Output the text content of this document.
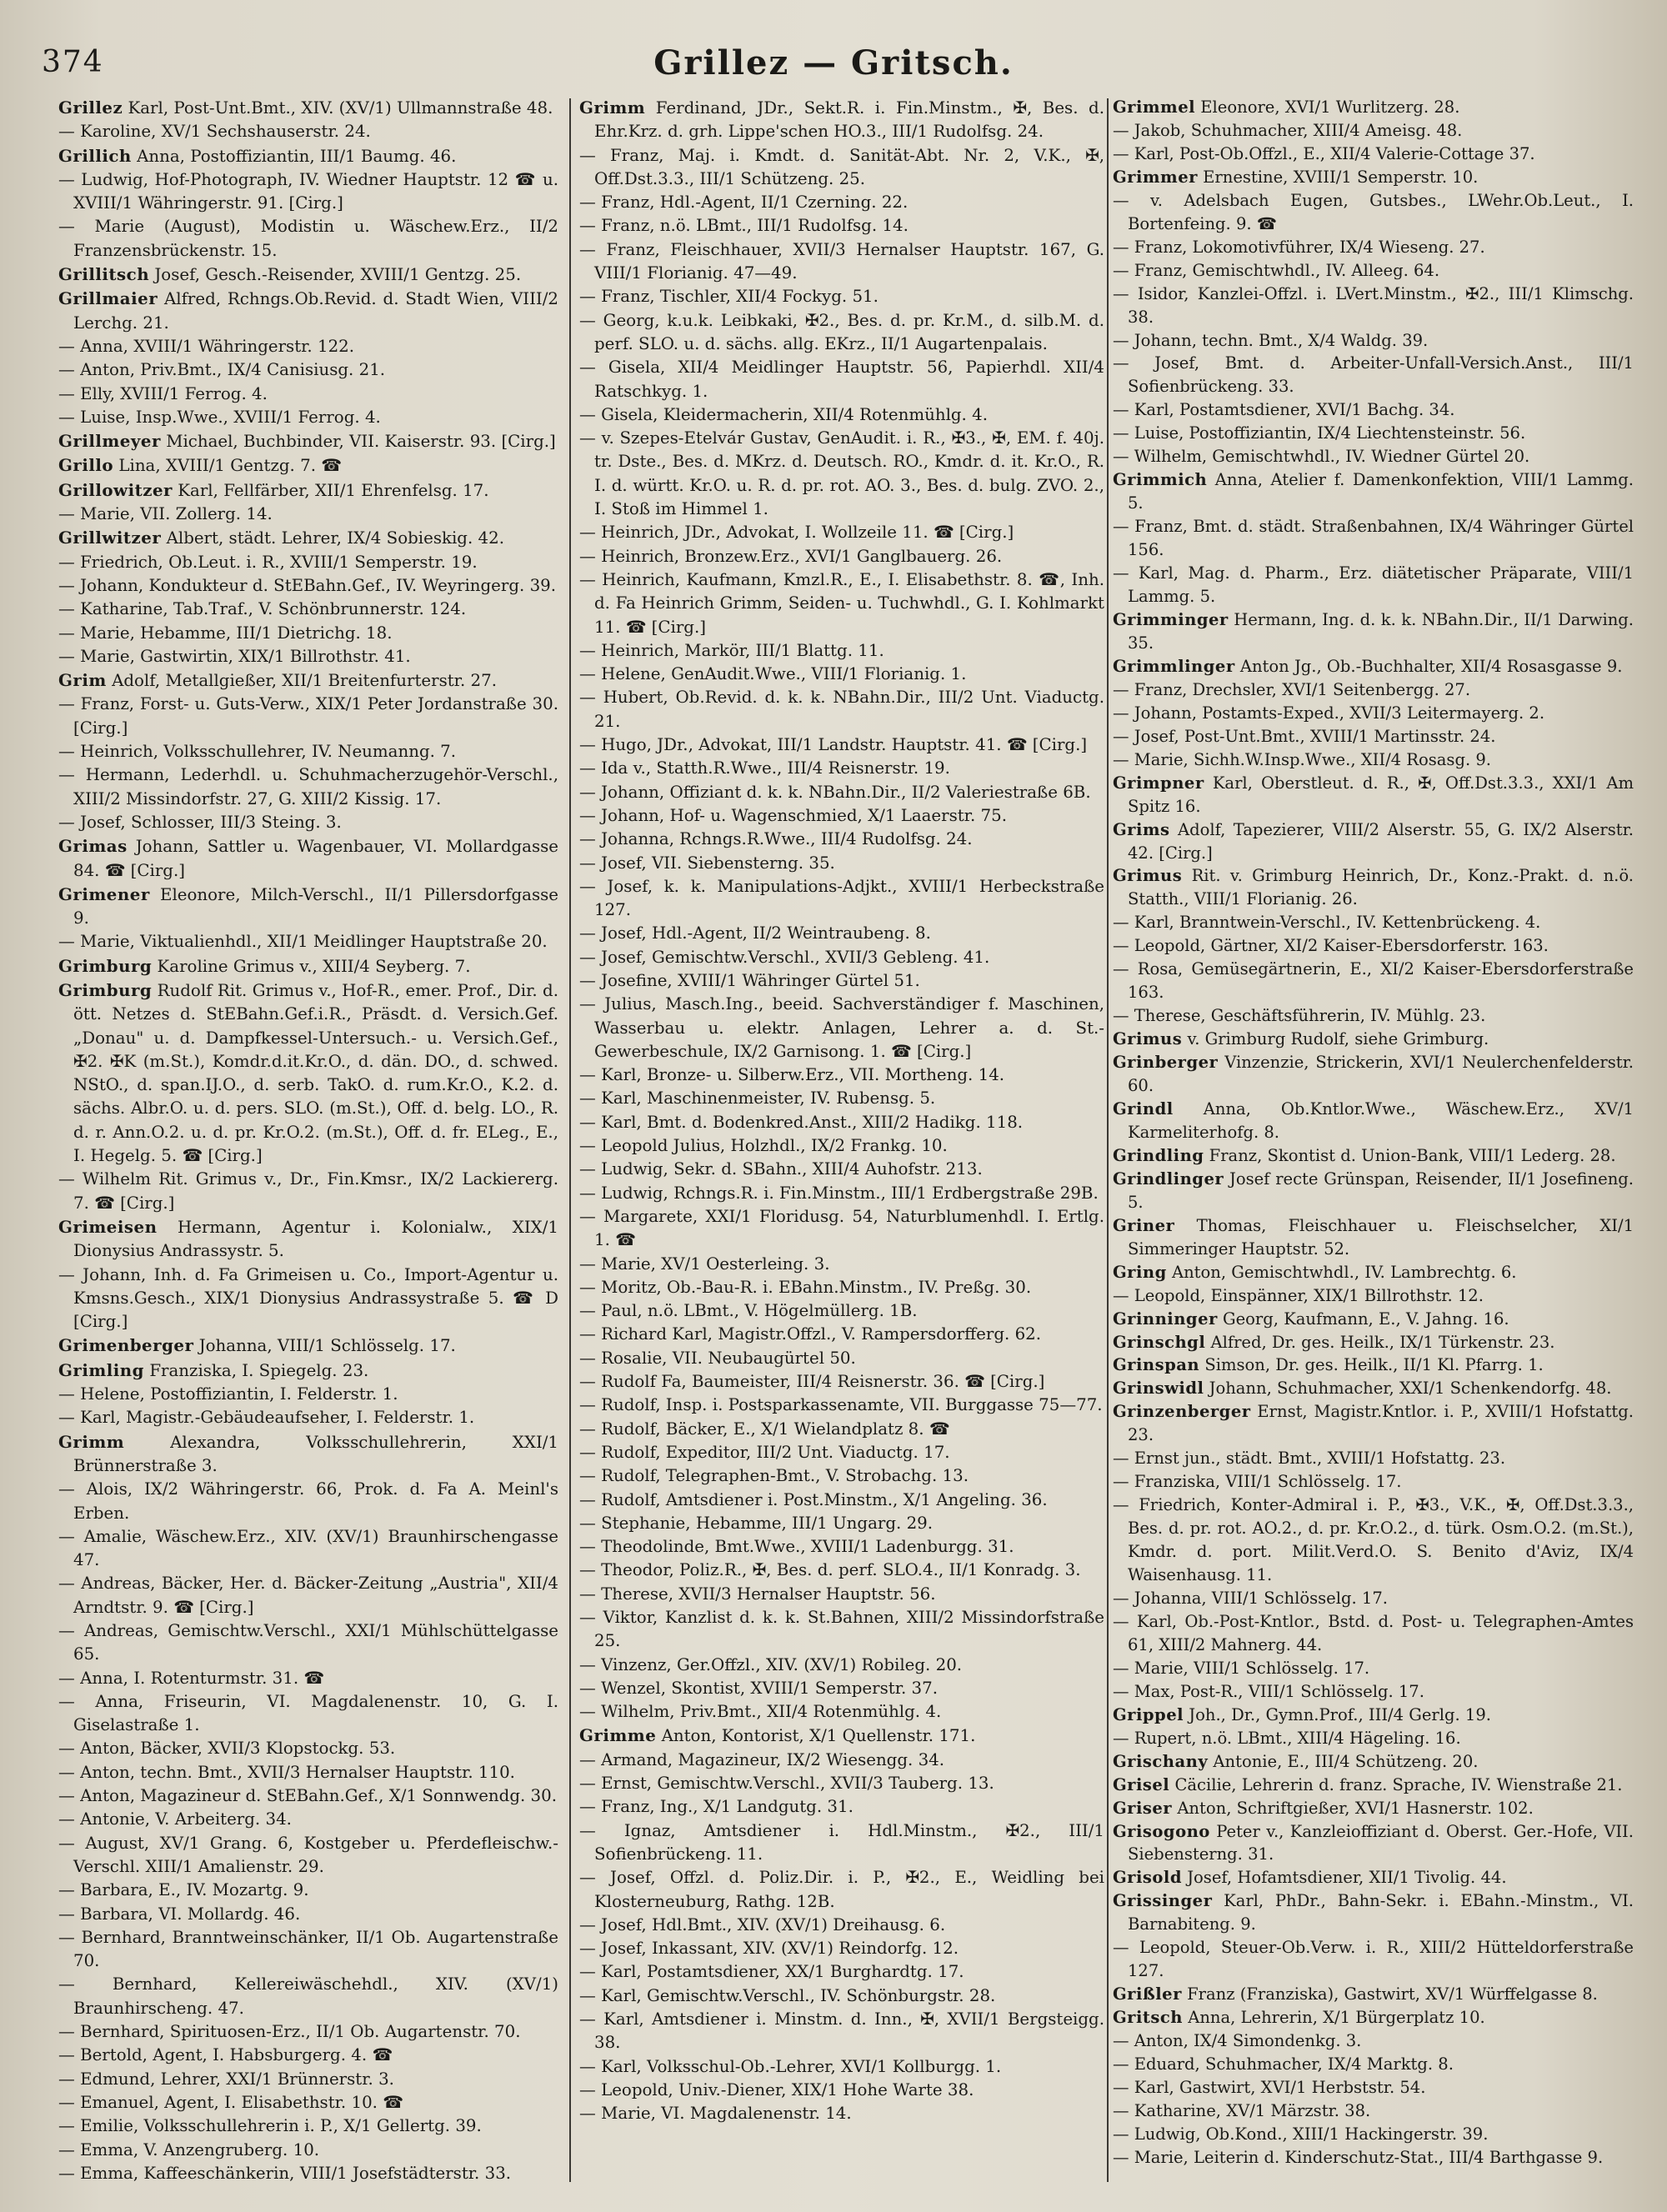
374	Grillez — Gritsch.

Grillez Karl, Post-Unt.Bmt., XIV. (XV/1) Ullmannstraße 48.

— Karoline, XV/1 Sechshauserstr. 24.

Grillich Anna, Postoffiziantin, III/1 Baumg. 46.

— Ludwig, Hof-Photograph, IV. Wiedner Hauptstr. 12 ☎ u. XVIII/1 Währingerstr. 91. [Cirg.]

— Marie (August), Modistin u. Wäschew.Erz., II/2 Franzensbrückenstr. 15.

Grillitsch Josef, Gesch.-Reisender, XVIII/1 Gentzg. 25.

Grillmaier Alfred, Rchngs.Ob.Revid. d. Stadt Wien, VIII/2 Lerchg. 21.

— Anna, XVIII/1 Währingerstr. 122.

— Anton, Priv.Bmt., IX/4 Canisiusg. 21.

— Elly, XVIII/1 Ferrog. 4.

— Luise, Insp.Wwe., XVIII/1 Ferrog. 4.

Grillmeyer Michael, Buchbinder, VII. Kaiserstr. 93. [Cirg.]

Grillo Lina, XVIII/1 Gentzg. 7. ☎

Grillowitzer Karl, Fellfärber, XII/1 Ehrenfelsg. 17.

— Marie, VII. Zollerg. 14.

Grillwitzer Albert, städt. Lehrer, IX/4 Sobieskig. 42.

— Friedrich, Ob.Leut. i. R., XVIII/1 Semperstr. 19.

— Johann, Kondukteur d. StEBahn.Gef., IV. Weyringerg. 39.

— Katharine, Tab.Traf., V. Schönbrunnerstr. 124.

— Marie, Hebamme, III/1 Dietrichg. 18.

— Marie, Gastwirtin, XIX/1 Billrothstr. 41.

Grim Adolf, Metallgießer, XII/1 Breitenfurterstr. 27.

— Franz, Forst- u. Guts-Verw., XIX/1 Peter Jordanstraße 30. [Cirg.]

— Heinrich, Volksschullehrer, IV. Neumanng. 7.

— Hermann, Lederhdl. u. Schuhmacherzugehör-Verschl., XIII/2 Missindorfstr. 27, G. XIII/2 Kissig. 17.

— Josef, Schlosser, III/3 Steing. 3.

Grimas Johann, Sattler u. Wagenbauer, VI. Mollardgasse 84. ☎ [Cirg.]

Grimener Eleonore, Milch-Verschl., II/1 Pillersdorfgasse 9.

— Marie, Viktualienhdl., XII/1 Meidlinger Hauptstraße 20.

Grimburg Karoline Grimus v., XIII/4 Seyberg. 7.

Grimburg Rudolf Rit. Grimus v., Hof-R., emer. Prof., Dir. d. ött. Netzes d. StEBahn.Gef.i.R., Präsdt. d. Versich.Gef. „Donau" u. d. Dampfkessel-Untersuch.- u. Versich.Gef., ✠2. ✠K (m.St.), Komdr.d.it.Kr.O., d. dän. DO., d. schwed. NStO., d. span.IJ.O., d. serb. TakO. d. rum.Kr.O., K.2. d. sächs. Albr.O. u. d. pers. SLO. (m.St.), Off. d. belg. LO., R. d. r. Ann.O.2. u. d. pr. Kr.O.2. (m.St.), Off. d. fr. ELeg., E., I. Hegelg. 5. ☎ [Cirg.]

— Wilhelm Rit. Grimus v., Dr., Fin.Kmsr., IX/2 Lackiererg. 7. ☎ [Cirg.]

Grimeisen Hermann, Agentur i. Kolonialw., XIX/1 Dionysius Andrassystr. 5.

— Johann, Inh. d. Fa Grimeisen u. Co., Import-Agentur u. Kmsns.Gesch., XIX/1 Dionysius Andrassystraße 5. ☎ D [Cirg.]

Grimenberger Johanna, VIII/1 Schlösselg. 17.

Grimling Franziska, I. Spiegelg. 23.

— Helene, Postoffiziantin, I. Felderstr. 1.

— Karl, Magistr.-Gebäudeaufseher, I. Felderstr. 1.

Grimm	Alexandra, Volksschullehrerin, XXI/1 Brünnerstraße 3.

— Alois, IX/2 Währingerstr. 66, Prok. d. Fa A. Meinl's Erben.

— Amalie, Wäschew.Erz., XIV. (XV/1) Braunhirschengasse 47.

— Andreas, Bäcker, Her. d. Bäcker-Zeitung „Austria", XII/4 Arndtstr. 9. ☎ [Cirg.]

— Andreas, Gemischtw.Verschl., XXI/1 Mühlschüttelgasse 65.

— Anna, I. Rotenturmstr. 31. ☎

— Anna, Friseurin, VI. Magdalenenstr. 10, G. I. Giselastraße 1.

— Anton, Bäcker, XVII/3 Klopstockg. 53.

— Anton, techn. Bmt., XVII/3 Hernalser Hauptstr. 110.

— Anton, Magazineur d. StEBahn.Gef., X/1 Sonnwendg. 30.

— Antonie, V. Arbeiterg. 34.

— August, XV/1 Grang. 6, Kostgeber u. Pferdefleischw.-Verschl. XIII/1 Amalienstr. 29.

— Barbara, E., IV. Mozartg. 9.

— Barbara, VI. Mollardg. 46.

— Bernhard, Branntweinschänker, II/1 Ob. Augartenstraße 70.

— Bernhard, Kellereiwäschehdl., XIV. (XV/1) Braunhirscheng. 47.

— Bernhard, Spirituosen-Erz., II/1 Ob. Augartenstr. 70.

— Bertold, Agent, I. Habsburgerg. 4. ☎

— Edmund, Lehrer, XXI/1 Brünnerstr. 3.

— Emanuel, Agent, I. Elisabethstr. 10. ☎

— Emilie, Volksschullehrerin i. P., X/1 Gellertg. 39.

— Emma, V. Anzengruberg. 10.

— Emma, Kaffeeschänkerin, VIII/1 Josefstädterstr. 33.

Grimm Ferdinand, JDr., Sekt.R. i. Fin.Minstm., ✠, Bes. d. Ehr.Krz. d. grh. Lippe'schen HO.3., III/1 Rudolfsg. 24.

— Franz, Maj. i. Kmdt. d. Sanität-Abt. Nr. 2, V.K., ✠, Off.Dst.3.3., III/1 Schützeng. 25.

— Franz, Hdl.-Agent, II/1 Czerning. 22.

— Franz, n.ö. LBmt., III/1 Rudolfsg. 14.

— Franz, Fleischhauer, XVII/3 Hernalser Hauptstr. 167, G. VIII/1 Florianig. 47—49.

— Franz, Tischler, XII/4 Fockyg. 51.

— Georg, k.u.k. Leibkaki, ✠2., Bes. d. pr. Kr.M., d. silb.M. d. perf. SLO. u. d. sächs. allg. EKrz., II/1 Augartenpalais.

— Gisela, XII/4 Meidlinger Hauptstr. 56, Papierhdl. XII/4 Ratschkyg. 1.

— Gisela, Kleidermacherin, XII/4 Rotenmühlg. 4.

— v. Szepes-Etelvár Gustav, GenAudit. i. R., ✠3., ✠, EM. f. 40j. tr. Dste., Bes. d. MKrz. d. Deutsch. RO., Kmdr. d. it. Kr.O., R. I. d. württ. Kr.O. u. R. d. pr. rot. AO. 3., Bes. d. bulg. ZVO. 2., I. Stoß im Himmel 1.

— Heinrich, JDr., Advokat, I. Wollzeile 11. ☎ [Cirg.]

— Heinrich, Bronzew.Erz., XVI/1 Ganglbauerg. 26.

— Heinrich, Kaufmann, Kmzl.R., E., I. Elisabethstr. 8. ☎, Inh. d. Fa Heinrich Grimm, Seiden- u. Tuchwhdl., G. I. Kohlmarkt 11. ☎ [Cirg.]

— Heinrich, Markör, III/1 Blattg. 11.

— Helene, GenAudit.Wwe., VIII/1 Florianig. 1.

— Hubert, Ob.Revid. d. k. k. NBahn.Dir., III/2 Unt. Viaductg. 21.

— Hugo, JDr., Advokat, III/1 Landstr. Hauptstr. 41. ☎ [Cirg.]

— Ida v., Statth.R.Wwe., III/4 Reisnerstr. 19.

— Johann, Offiziant d. k. k. NBahn.Dir., II/2 Valeriestraße 6B.

— Johann, Hof- u. Wagenschmied, X/1 Laaerstr. 75.

— Johanna, Rchngs.R.Wwe., III/4 Rudolfsg. 24.

— Josef, VII. Siebensterng. 35.

— Josef, k. k. Manipulations-Adjkt., XVIII/1 Herbeckstraße 127.

— Josef, Hdl.-Agent, II/2 Weintraubeng. 8.

— Josef, Gemischtw.Verschl., XVII/3 Gebleng. 41.

— Josefine, XVIII/1 Währinger Gürtel 51.

— Julius, Masch.Ing., beeid. Sachverständiger f. Maschinen, Wasserbau u. elektr. Anlagen, Lehrer a. d. St.-Gewerbeschule, IX/2 Garnisong. 1. ☎ [Cirg.]

— Karl, Bronze- u. Silberw.Erz., VII. Mortheng. 14.

— Karl, Maschinenmeister, IV. Rubensg. 5.

— Karl, Bmt. d. Bodenkred.Anst., XIII/2 Hadikg. 118.

— Leopold Julius, Holzhdl., IX/2 Frankg. 10.

— Ludwig, Sekr. d. SBahn., XIII/4 Auhofstr. 213.

— Ludwig, Rchngs.R. i. Fin.Minstm., III/1 Erdbergstraße 29B.

— Margarete, XXI/1 Floridusg. 54, Naturblumenhdl. I. Ertlg. 1. ☎

— Marie, XV/1 Oesterleing. 3.

— Moritz, Ob.-Bau-R. i. EBahn.Minstm., IV. Preßg. 30.

— Paul, n.ö. LBmt., V. Högelmüllerg. 1B.

— Richard Karl, Magistr.Offzl., V. Rampersdorfferg. 62.

— Rosalie, VII. Neubaugürtel 50.

— Rudolf Fa, Baumeister, III/4 Reisnerstr. 36. ☎ [Cirg.]

— Rudolf, Insp. i. Postsparkassenamte, VII. Burggasse 75—77.

— Rudolf, Bäcker, E., X/1 Wielandplatz 8. ☎

— Rudolf, Expeditor, III/2 Unt. Viaductg. 17.

— Rudolf, Telegraphen-Bmt., V. Strobachg. 13.

— Rudolf, Amtsdiener i. Post.Minstm., X/1 Angeling. 36.

— Stephanie, Hebamme, III/1 Ungarg. 29.

— Theodolinde, Bmt.Wwe., XVIII/1 Ladenburgg. 31.

— Theodor, Poliz.R., ✠, Bes. d. perf. SLO.4., II/1 Konradg. 3.

— Therese, XVII/3 Hernalser Hauptstr. 56.

— Viktor, Kanzlist d. k. k. St.Bahnen, XIII/2 Missindorfstraße 25.

— Vinzenz, Ger.Offzl., XIV. (XV/1) Robileg. 20.

— Wenzel, Skontist, XVIII/1 Semperstr. 37.

— Wilhelm, Priv.Bmt., XII/4 Rotenmühlg. 4.

Grimme Anton, Kontorist, X/1 Quellenstr. 171.

— Armand, Magazineur, IX/2 Wiesengg. 34.

— Ernst, Gemischtw.Verschl., XVII/3 Tauberg. 13.

— Franz, Ing., X/1 Landgutg. 31.

— Ignaz, Amtsdiener i. Hdl.Minstm., ✠2., III/1 Sofienbrückeng. 11.

— Josef, Offzl. d. Poliz.Dir. i. P., ✠2., E., Weidling bei Klosterneuburg, Rathg. 12B.

— Josef, Hdl.Bmt., XIV. (XV/1) Dreihausg. 6.

— Josef, Inkassant, XIV. (XV/1) Reindorfg. 12.

— Karl, Postamtsdiener, XX/1 Burghardtg. 17.

— Karl, Gemischtw.Verschl., IV. Schönburgstr. 28.

— Karl, Amtsdiener i. Minstm. d. Inn., ✠, XVII/1 Bergsteigg. 38.

— Karl, Volksschul-Ob.-Lehrer, XVI/1 Kollburgg. 1.

— Leopold, Univ.-Diener, XIX/1 Hohe Warte 38.

— Marie, VI. Magdalenenstr. 14.

Grimmel Eleonore, XVI/1 Wurlitzerg. 28.

— Jakob, Schuhmacher, XIII/4 Ameisg. 48.

— Karl, Post-Ob.Offzl., E., XII/4 Valerie-Cottage 37.

Grimmer Ernestine, XVIII/1 Semperstr. 10.

— v. Adelsbach Eugen, Gutsbes., LWehr.Ob.Leut., I. Bortenfeing. 9. ☎

— Franz, Lokomotivführer, IX/4 Wieseng. 27.

— Franz, Gemischtwhdl., IV. Allееg. 64.

— Isidor, Kanzlei-Offzl. i. LVert.Minstm., ✠2., III/1 Klimschg. 38.

— Johann, techn. Bmt., X/4 Waldg. 39.

— Josef, Bmt. d. Arbeiter-Unfall-Versich.Anst., III/1 Sofienbrückeng. 33.

— Karl, Postamtsdiener, XVI/1 Bachg. 34.

— Luise, Postoffiziantin, IX/4 Liechtensteinstr. 56.

— Wilhelm, Gemischtwhdl., IV. Wiedner Gürtel 20.

Grimmich Anna, Atelier f. Damenkonfektion, VIII/1 Lammg. 5.

— Franz, Bmt. d. städt. Straßenbahnen, IX/4 Währinger Gürtel 156.

— Karl, Mag. d. Pharm., Erz. diätetischer Präparate, VIII/1 Lammg. 5.

Grimminger Hermann, Ing. d. k. k. NBahn.Dir., II/1 Darwing. 35.

Grimmlinger Anton Jg., Ob.-Buchhalter, XII/4 Rosasgasse 9.

— Franz, Drechsler, XVI/1 Seitenbergg. 27.

— Johann, Postamts-Exped., XVII/3 Leitermayerg. 2.

— Josef, Post-Unt.Bmt., XVIII/1 Martinsstr. 24.

— Marie, Sichh.W.Insp.Wwe., XII/4 Rosasg. 9.

Grimpner Karl, Oberstleut. d. R., ✠, Off.Dst.3.3., XXI/1 Am Spitz 16.

Grims Adolf, Tapezierer, VIII/2 Alserstr. 55, G. IX/2 Alserstr. 42. [Cirg.]

Grimus Rit. v. Grimburg Heinrich, Dr., Konz.-Prakt. d. n.ö. Statth., VIII/1 Florianig. 26.

— Karl, Branntwein-Verschl., IV. Kettenbrückeng. 4.

— Leopold, Gärtner, XI/2 Kaiser-Ebersdorferstr. 163.

— Rosa, Gemüsegärtnerin, E., XI/2 Kaiser-Ebersdorferstraße 163.

— Therese, Geschäftsführerin, IV. Mühlg. 23.

Grimus v. Grimburg Rudolf, siehe Grimburg.

Grinberger Vinzenzie, Strickerin, XVI/1 Neulerchenfelderstr. 60.

Grindl Anna, Ob.Kntlor.Wwe., Wäschew.Erz., XV/1 Karmeliterhofg. 8.

Grindling Franz, Skontist d. Union-Bank, VIII/1 Lederg. 28.

Grindlinger Josef recte Grünspan, Reisender, II/1 Josefineng. 5.

Griner Thomas, Fleischhauer u. Fleischselcher, XI/1 Simmeringer Hauptstr. 52.

Gring Anton, Gemischtwhdl., IV. Lambrechtg. 6.

— Leopold, Einspänner, XIX/1 Billrothstr. 12.

Grinninger Georg, Kaufmann, E., V. Jahng. 16.

Grinschgl Alfred, Dr. ges. Heilk., IX/1 Türkenstr. 23.

Grinspan Simson, Dr. ges. Heilk., II/1 Kl. Pfarrg. 1.

Grinswidl Johann, Schuhmacher, XXI/1 Schenkendorfg. 48.

Grinzenberger Ernst, Magistr.Kntlor. i. P., XVIII/1 Hofstattg. 23.

— Ernst jun., städt. Bmt., XVIII/1 Hofstattg. 23.

— Franziska, VIII/1 Schlösselg. 17.

— Friedrich, Konter-Admiral i. P., ✠3., V.K., ✠, Off.Dst.3.3., Bes. d. pr. rot. AO.2., d. pr. Kr.O.2., d. türk. Osm.O.2. (m.St.), Kmdr. d. port. Milit.Verd.O. S. Benito d'Aviz, IX/4 Waisenhausg. 11.

— Johanna, VIII/1 Schlösselg. 17.

— Karl, Ob.-Post-Kntlor., Bstd. d. Post- u. Telegraphen-Amtes 61, XIII/2 Mahnerg. 44.

— Marie, VIII/1 Schlösselg. 17.

— Max, Post-R., VIII/1 Schlösselg. 17.

Grippel Joh., Dr., Gymn.Prof., III/4 Gerlg. 19.

— Rupert, n.ö. LBmt., XIII/4 Hägeling. 16.

Grischany Antonie, E., III/4 Schützeng. 20.

Grisel Cäcilie, Lehrerin d. franz. Sprache, IV. Wienstraße 21.

Griser Anton, Schriftgießer, XVI/1 Hasnerstr. 102.

Grisogono Peter v., Kanzleioffiziant d. Oberst. Ger.-Hofe, VII. Siebensterng. 31.

Grisold Josef, Hofamtsdiener, XII/1 Tivolig. 44.

Grissinger Karl, PhDr., Bahn-Sekr. i. EBahn.-Minstm., VI. Barnabiteng. 9.

— Leopold, Steuer-Ob.Verw. i. R., XIII/2 Hütteldorferstraße 127.

Grißler Franz (Franziska), Gastwirt, XV/1 Würffelgasse 8.

Gritsch Anna, Lehrerin, X/1 Bürgerplatz 10.

— Anton, IX/4 Simondenkg. 3.

— Eduard, Schuhmacher, IX/4 Marktg. 8.

— Karl, Gastwirt, XVI/1 Herbststr. 54.

— Katharine, XV/1 Märzstr. 38.

— Ludwig, Ob.Kond., XIII/1 Hackingerstr. 39.

— Marie, Leiterin d. Kinderschutz-Stat., III/4 Barthgasse 9.
